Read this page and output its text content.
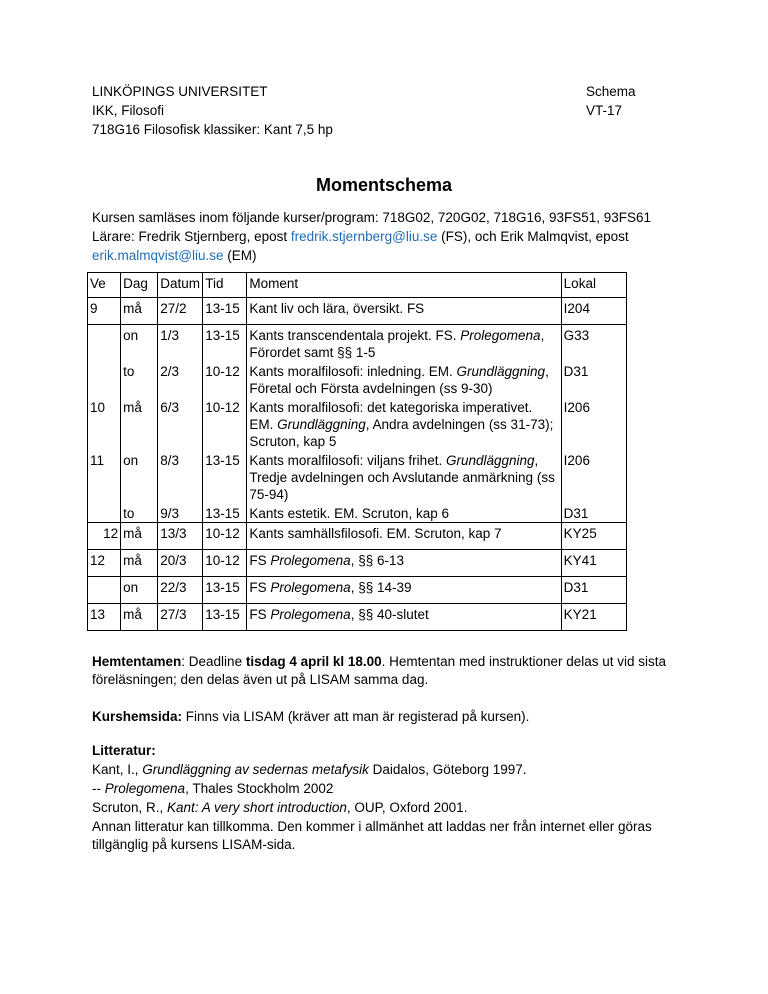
LINKÖPINGS UNIVERSITET
IKK, Filosofi
718G16 Filosofisk klassiker: Kant 7,5 hp
Schema
VT-17
Momentschema
Kursen samläses inom följande kurser/program: 718G02, 720G02, 718G16, 93FS51, 93FS61
Lärare: Fredrik Stjernberg, epost fredrik.stjernberg@liu.se (FS), och Erik Malmqvist, epost
erik.malmqvist@liu.se (EM)
Ve	Dag	Datum	Tid	Moment	Lokal
9	må	27/2	13-15	Kant liv och lära, översikt. FS	I204
	on	1/3	13-15	Kants transcendentala projekt. FS. Prolegomena, Förordet samt §§ 1-5	G33
	to	2/3	10-12	Kants moralfilosofi: inledning. EM. Grundläggning, Företal och Första avdelningen (ss 9-30)	D31
10	må	6/3	10-12	Kants moralfilosofi: det kategoriska imperativet. EM. Grundläggning, Andra avdelningen (ss 31-73); Scruton, kap 5	I206
11	on	8/3	13-15	Kants moralfilosofi: viljans frihet. Grundläggning, Tredje avdelningen och Avslutande anmärkning (ss 75-94)	I206
	to	9/3	13-15	Kants estetik. EM. Scruton, kap 6	D31
12	må	13/3	10-12	Kants samhällsfilosofi. EM. Scruton, kap 7	KY25
12	må	20/3	10-12	FS Prolegomena, §§ 6-13	KY41
	on	22/3	13-15	FS Prolegomena, §§ 14-39	D31
13	må	27/3	13-15	FS Prolegomena, §§ 40-slutet	KY21
Hemtentamen: Deadline tisdag 4 april kl 18.00. Hemtentan med instruktioner delas ut vid sista föreläsningen; den delas även ut på LISAM samma dag.
Kurshemsida: Finns via LISAM (kräver att man är registerad på kursen).
Litteratur:
Kant, I., Grundläggning av sedernas metafysik Daidalos, Göteborg 1997.
-- Prolegomena, Thales Stockholm 2002
Scruton, R., Kant: A very short introduction, OUP, Oxford 2001.
Annan litteratur kan tillkomma. Den kommer i allmänhet att laddas ner från internet eller göras tillgänglig på kursens LISAM-sida.
